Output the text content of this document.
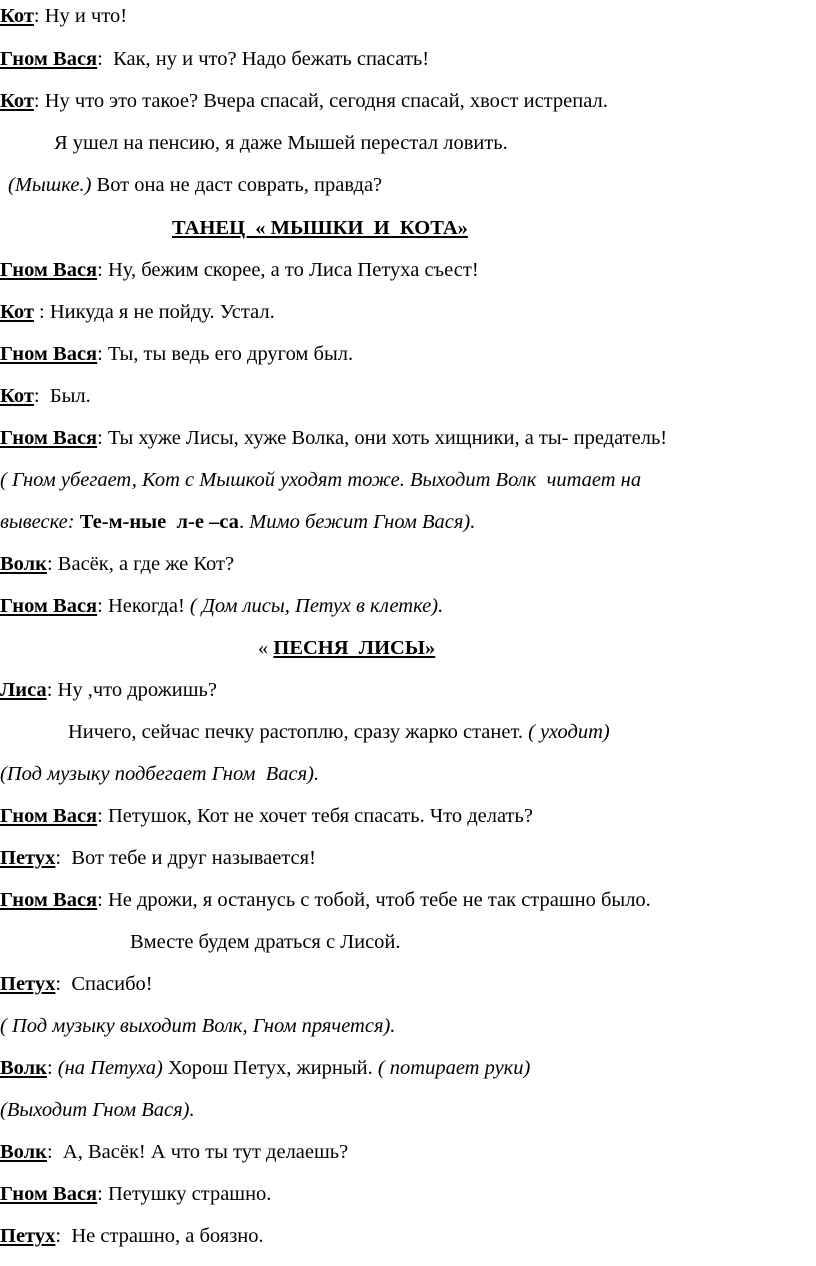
Кот: Ну и что!
Гном Вася:  Как, ну и что? Надо бежать спасать!
Кот: Ну что это такое? Вчера спасай, сегодня спасай, хвост истрепал.
Я ушел на пенсию, я даже Мышей перестал ловить.
(Мышке.) Вот она не даст соврать, правда?
ТАНЕЦ  « МЫШКИ  И  КОТА»
Гном Вася: Ну, бежим скорее, а то Лиса Петуха съест!
Кот : Никуда я не пойду. Устал.
Гном Вася: Ты, ты ведь его другом был.
Кот:  Был.
Гном Вася: Ты хуже Лисы, хуже Волка, они хоть хищники, а ты- предатель!
( Гном убегает, Кот с Мышкой уходят тоже. Выходит Волк  читает на
вывеске: Те-м-ные  л-е –са. Мимо бежит Гном Вася).
Волк: Васёк, а где же Кот?
Гном Вася: Некогда! ( Дом лисы, Петух в клетке).
« ПЕСНЯ  ЛИСЫ»
Лиса: Ну ,что дрожишь?
Ничего, сейчас печку растоплю, сразу жарко станет. ( уходит)
(Под музыку подбегает Гном  Вася).
Гном Вася: Петушок, Кот не хочет тебя спасать. Что делать?
Петух:  Вот тебе и друг называется!
Гном Вася: Не дрожи, я останусь с тобой, чтоб тебе не так страшно было.
Вместе будем драться с Лисой.
Петух:  Спасибо!
( Под музыку выходит Волк, Гном прячется).
Волк: (на Петуха) Хорош Петух, жирный. ( потирает руки)
(Выходит Гном Вася).
Волк:  А, Васёк! А что ты тут делаешь?
Гном Вася: Петушку страшно.
Петух:  Не страшно, а боязно.
